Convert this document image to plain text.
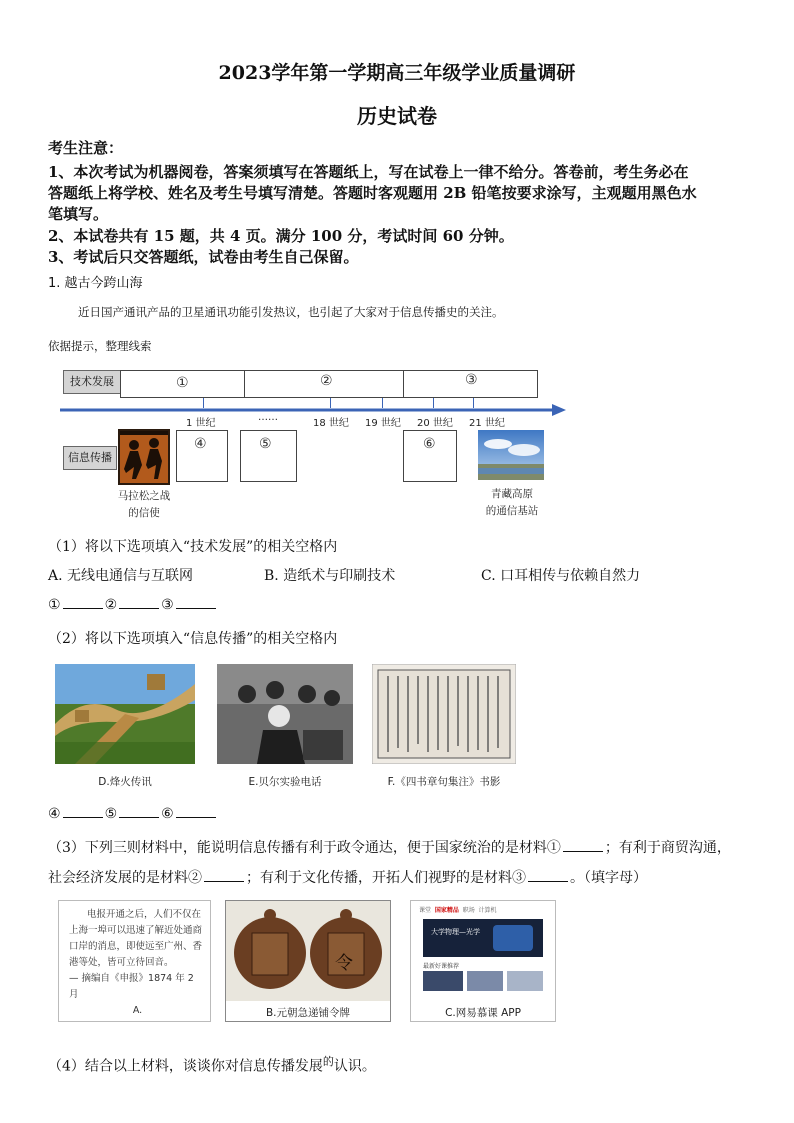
2023学年第一学期高三年级学业质量调研
历史试卷
考生注意：
1、本次考试为机器阅卷，答案须填写在答题纸上，写在试卷上一律不给分。答卷前，考生务必在
答题纸上将学校、姓名及考生号填写清楚。答题时客观题用 2B 铅笔按要求涂写，主观题用黑色水
笔填写。
2、本试卷共有 15 题，共 4 页。满分 100 分，考试时间 60 分钟。
3、考试后只交答题纸，试卷由考生自己保留。
1. 越古今跨山海
近日国产通讯产品的卫星通讯功能引发热议，也引起了大家对于信息传播史的关注。
依据提示，整理线索
技术发展	①	②	③
1 世纪
……
18 世纪 19 世纪 20 世纪 21 世纪
信息传播
马拉松之战
的信使
④	⑤	⑥
青藏高原
的通信基站
（1）将以下选项填入“技术发展”的相关空格内
A. 无线电通信与互联网	B. 造纸术与印刷技术	C. 口耳相传与依赖自然力
①	②	③
（2）将以下选项填入“信息传播”的相关空格内
D.烽火传讯	E.贝尔实验电话	F.《四书章句集注》书影
④	⑤	⑥
（3）下列三则材料中，能说明信息传播有利于政令通达，便于国家统治的是材料①	；有利于商贸沟通，
社会经济发展的是材料②	；有利于文化传播，开拓人们视野的是材料③	。（填字母）
电报开通之后，人们不仅在
上海一埠可以迅速了解近处通商
口岸的消息，即使远至广州、香
港等处，皆可立待回音。
— 摘编自《申报》1874 年 2 月
A.
令
B.元朝急递铺令牌
课堂 国家精品 职场 计算机
大学物理—光学
最新好课推荐
C.网易慕课 APP
（4）结合以上材料，谈谈你对信息传播发展$^的$认识。
